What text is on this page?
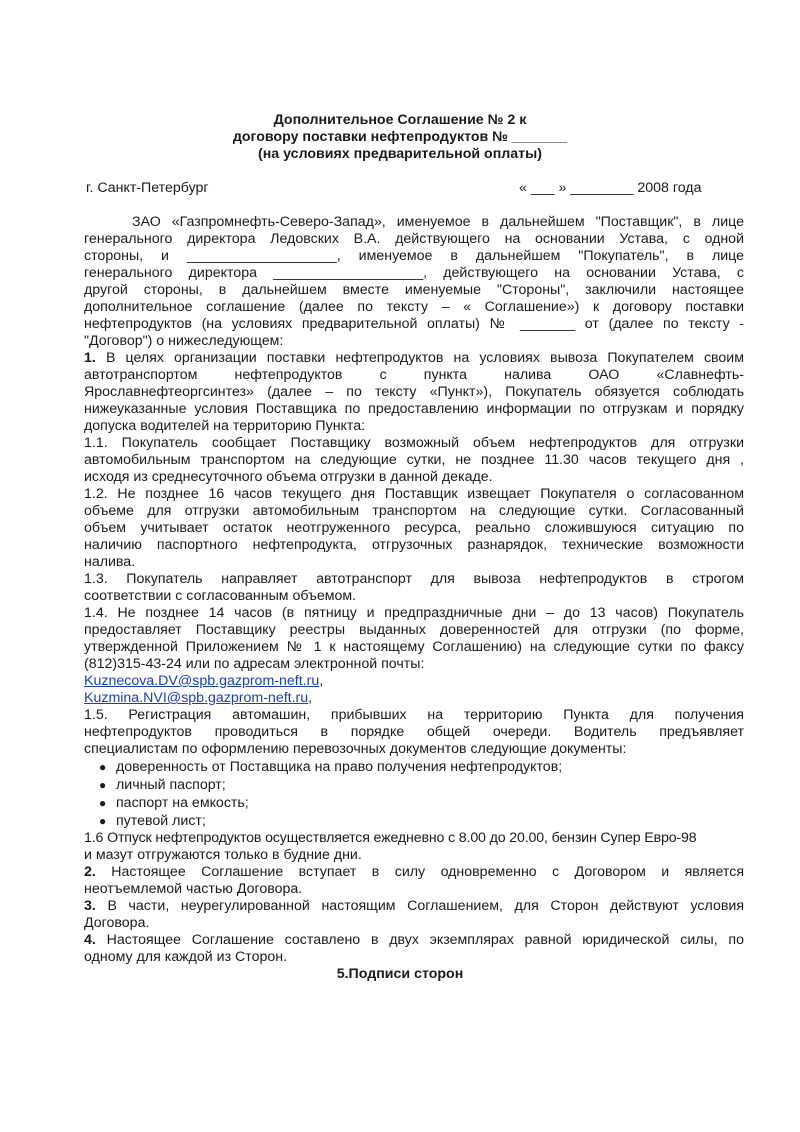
Дополнительное Соглашение № 2 к
договору поставки нефтепродуктов № _______
(на условиях предварительной оплаты)
г. Санкт-Петербург	« ___ » ________ 2008 года
ЗАО «Газпромнефть-Северо-Запад», именуемое в дальнейшем "Поставщик", в лице
генерального директора Ледовских В.А. действующего на основании Устава, с одной
стороны, и ___________________, именуемое в дальнейшем "Покупатель", в лице
генерального директора ___________________, действующего на основании Устава, с
другой стороны, в дальнейшем вместе именуемые "Стороны", заключили настоящее
дополнительное соглашение (далее по тексту – « Соглашение») к договору поставки
нефтепродуктов (на условиях предварительной оплаты) № _______ от (далее по тексту -
"Договор") о нижеследующем:
1. В целях организации поставки нефтепродуктов на условиях вывоза Покупателем своим
автотранспортом нефтепродуктов с пункта налива ОАО «Славнефть-
Ярославнефтеоргсинтез» (далее – по тексту «Пункт»), Покупатель обязуется соблюдать
нижеуказанные условия Поставщика по предоставлению информации по отгрузкам и порядку
допуска водителей на территорию Пункта:
1.1. Покупатель сообщает Поставщику возможный объем нефтепродуктов для отгрузки
автомобильным транспортом на следующие сутки, не позднее 11.30 часов текущего дня ,
исходя из среднесуточного объема отгрузки в данной декаде.
1.2. Не позднее 16 часов текущего дня Поставщик извещает Покупателя о согласованном
объеме для отгрузки автомобильным транспортом на следующие сутки. Согласованный
объем учитывает остаток неотгруженного ресурса, реально сложившуюся ситуацию по
наличию паспортного нефтепродукта, отгрузочных разнарядок, технические возможности
налива.
1.3. Покупатель направляет автотранспорт для вывоза нефтепродуктов в строгом
соответствии с согласованным объемом.
1.4. Не позднее 14 часов (в пятницу и предпраздничные дни – до 13 часов) Покупатель
предоставляет Поставщику реестры выданных доверенностей для отгрузки (по форме,
утвержденной Приложением № 1 к настоящему Соглашению) на следующие сутки по факсу
(812)315-43-24 или по адресам электронной почты:
Kuznecova.DV@spb.gazprom-neft.ru,
Kuzmina.NVI@spb.gazprom-neft.ru,
1.5. Регистрация автомашин, прибывших на территорию Пункта для получения
нефтепродуктов проводиться в порядке общей очереди. Водитель предъявляет
специалистам по оформлению перевозочных документов следующие документы:
● доверенность от Поставщика на право получения нефтепродуктов;
● личный паспорт;
● паспорт на емкость;
● путевой лист;
1.6 Отпуск нефтепродуктов осуществляется ежедневно с 8.00 до 20.00, бензин Супер Евро-98
и мазут отгружаются только в будние дни.
2. Настоящее Соглашение вступает в силу одновременно с Договором и является
неотъемлемой частью Договора.
3. В части, неурегулированной настоящим Соглашением, для Сторон действуют условия
Договора.
4. Настоящее Соглашение составлено в двух экземплярах равной юридической силы, по
одному для каждой из Сторон.
5.Подписи сторон
